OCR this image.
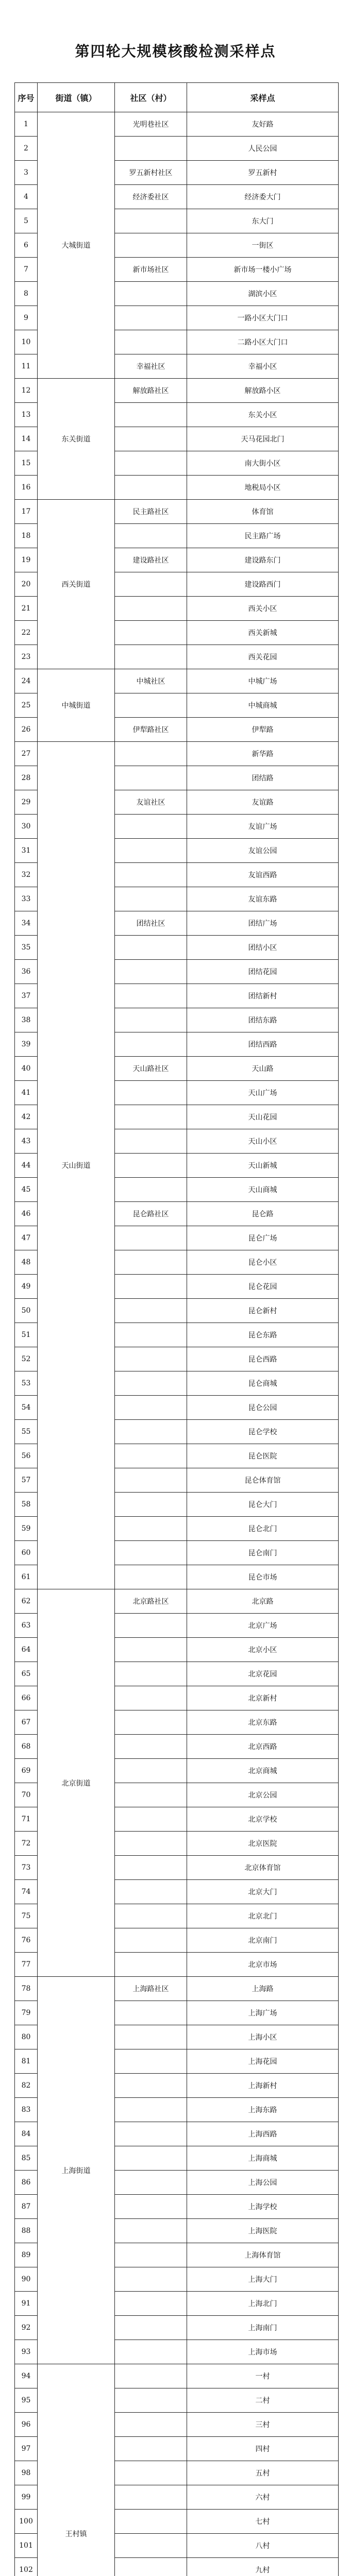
第四轮大规模核酸检测采样点
序号	街道（镇）	社区（村）	采样点
1	大城街道	光明巷社区	友好路
2			人民公园
3		罗五新村社区	罗五新村
4		经济委社区	经济委大门
5			东大门
6			一街区
7		新市场社区	新市场一楼小广场
8			湖滨小区
9			一路小区大门口
10			二路小区大门口
11		幸福社区	幸福小区
12	东关街道	解放路社区	解放路小区
13			东关小区
14			天马花园北门
15			南大街小区
16			地税局小区
17	西关街道	民主路社区	体育馆
18			民主路广场
19		建设路社区	建设路东门
20			建设路西门
21			西关小区
22			西关新城
23			西关花园
24	中城街道	中城社区	中城广场
25			中城商城
26		伊犁路社区	伊犁路
27	天山街道		新华路
28			团结路
29		友谊社区	友谊路
30			友谊广场
31			友谊公园
32			友谊西路
33			友谊东路
34		团结社区	团结广场
35			团结小区
36			团结花园
37			团结新村
38			团结东路
39			团结西路
40		天山路社区	天山路
41			天山广场
42			天山花园
43			天山小区
44			天山新城
45			天山商城
46		昆仑路社区	昆仑路
47			昆仑广场
48			昆仑小区
49			昆仑花园
50			昆仑新村
51			昆仑东路
52			昆仑西路
53			昆仑商城
54			昆仑公园
55			昆仑学校
56			昆仑医院
57			昆仑体育馆
58			昆仑大门
59			昆仑北门
60			昆仑南门
61			昆仑市场
62	北京街道	北京路社区	北京路
63			北京广场
64			北京小区
65			北京花园
66			北京新村
67			北京东路
68			北京西路
69			北京商城
70			北京公园
71			北京学校
72			北京医院
73			北京体育馆
74			北京大门
75			北京北门
76			北京南门
77			北京市场
78	上海街道	上海路社区	上海路
79			上海广场
80			上海小区
81			上海花园
82			上海新村
83			上海东路
84			上海西路
85			上海商城
86			上海公园
87			上海学校
88			上海医院
89			上海体育馆
90			上海大门
91			上海北门
92			上海南门
93			上海市场
94	王村镇		一村
95			二村
96			三村
97			四村
98			五村
99			六村
100			七村
101			八村
102			九村
